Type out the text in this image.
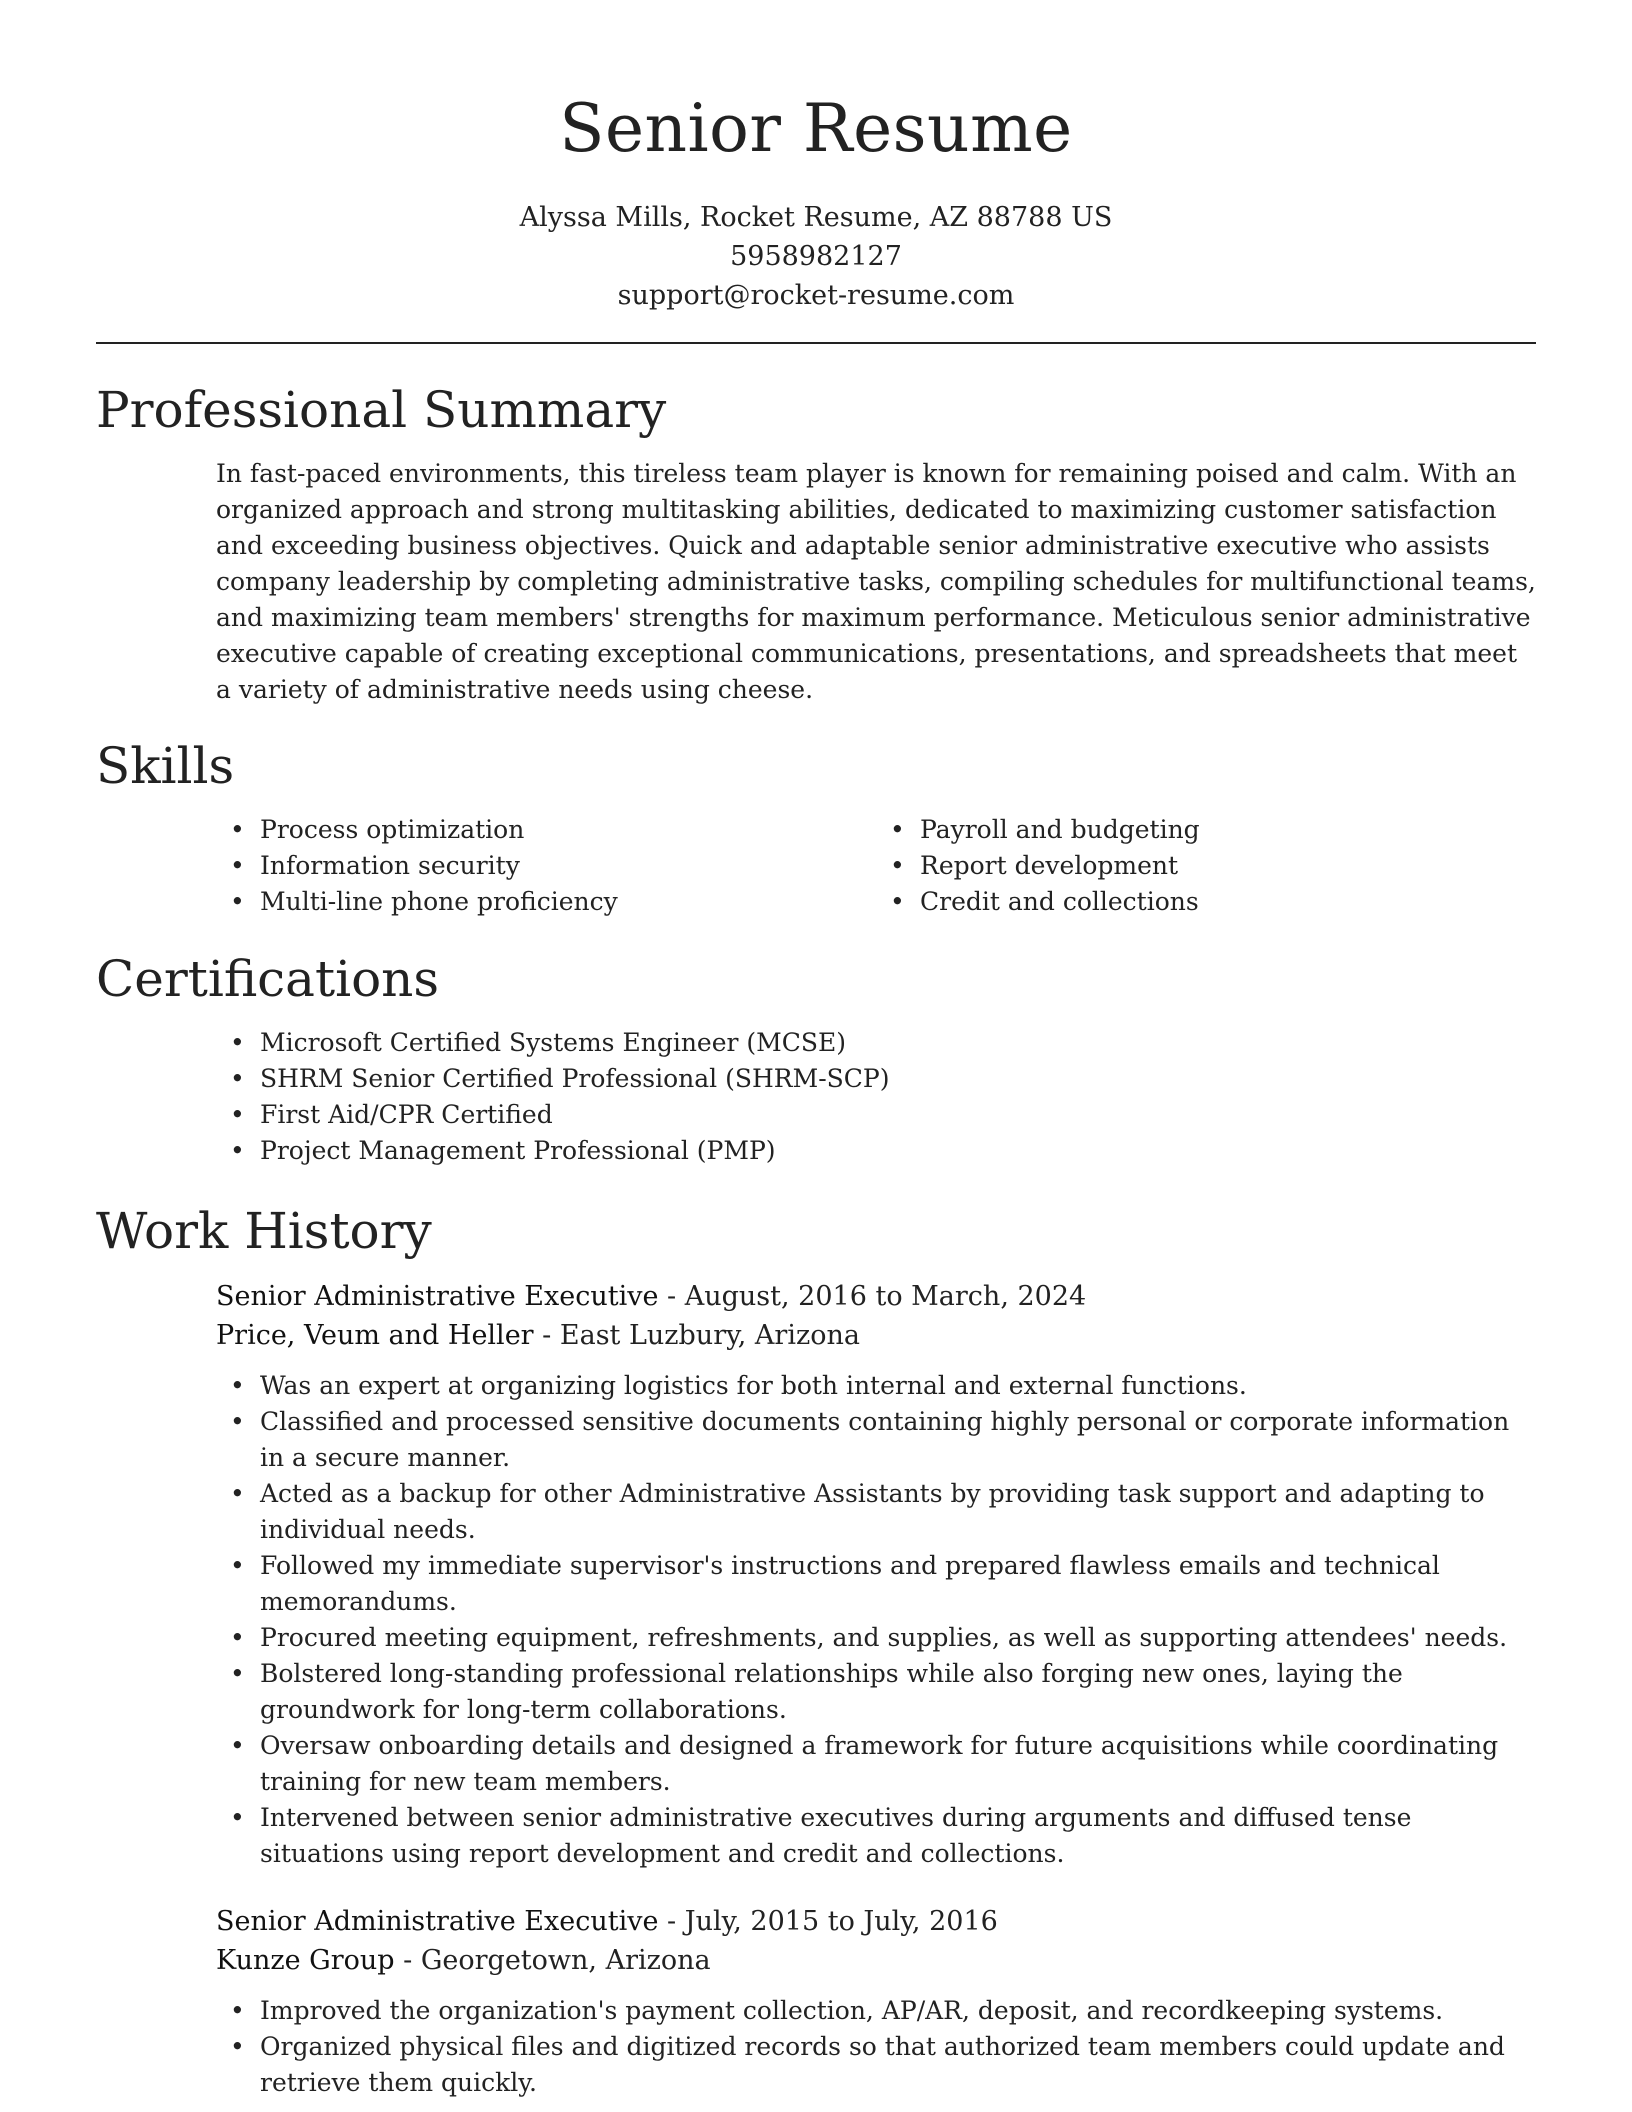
Senior Resume
Alyssa Mills, Rocket Resume, AZ 88788 US
5958982127
support@rocket-resume.com
Professional Summary
In fast-paced environments, this tireless team player is known for remaining poised and calm. With an organized approach and strong multitasking abilities, dedicated to maximizing customer satisfaction and exceeding business objectives. Quick and adaptable senior administrative executive who assists company leadership by completing administrative tasks, compiling schedules for multifunctional teams, and maximizing team members' strengths for maximum performance. Meticulous senior administrative executive capable of creating exceptional communications, presentations, and spreadsheets that meet a variety of administrative needs using cheese.
Skills
• Process optimization
• Information security
• Multi-line phone proficiency
• Payroll and budgeting
• Report development
• Credit and collections
Certifications
• Microsoft Certified Systems Engineer (MCSE)
• SHRM Senior Certified Professional (SHRM-SCP)
• First Aid/CPR Certified
• Project Management Professional (PMP)
Work History
Senior Administrative Executive - August, 2016 to March, 2024
Price, Veum and Heller - East Luzbury, Arizona
• Was an expert at organizing logistics for both internal and external functions.
• Classified and processed sensitive documents containing highly personal or corporate information in a secure manner.
• Acted as a backup for other Administrative Assistants by providing task support and adapting to individual needs.
• Followed my immediate supervisor's instructions and prepared flawless emails and technical memorandums.
• Procured meeting equipment, refreshments, and supplies, as well as supporting attendees' needs.
• Bolstered long-standing professional relationships while also forging new ones, laying the groundwork for long-term collaborations.
• Oversaw onboarding details and designed a framework for future acquisitions while coordinating training for new team members.
• Intervened between senior administrative executives during arguments and diffused tense situations using report development and credit and collections.
Senior Administrative Executive - July, 2015 to July, 2016
Kunze Group - Georgetown, Arizona
• Improved the organization's payment collection, AP/AR, deposit, and recordkeeping systems.
• Organized physical files and digitized records so that authorized team members could update and retrieve them quickly.
